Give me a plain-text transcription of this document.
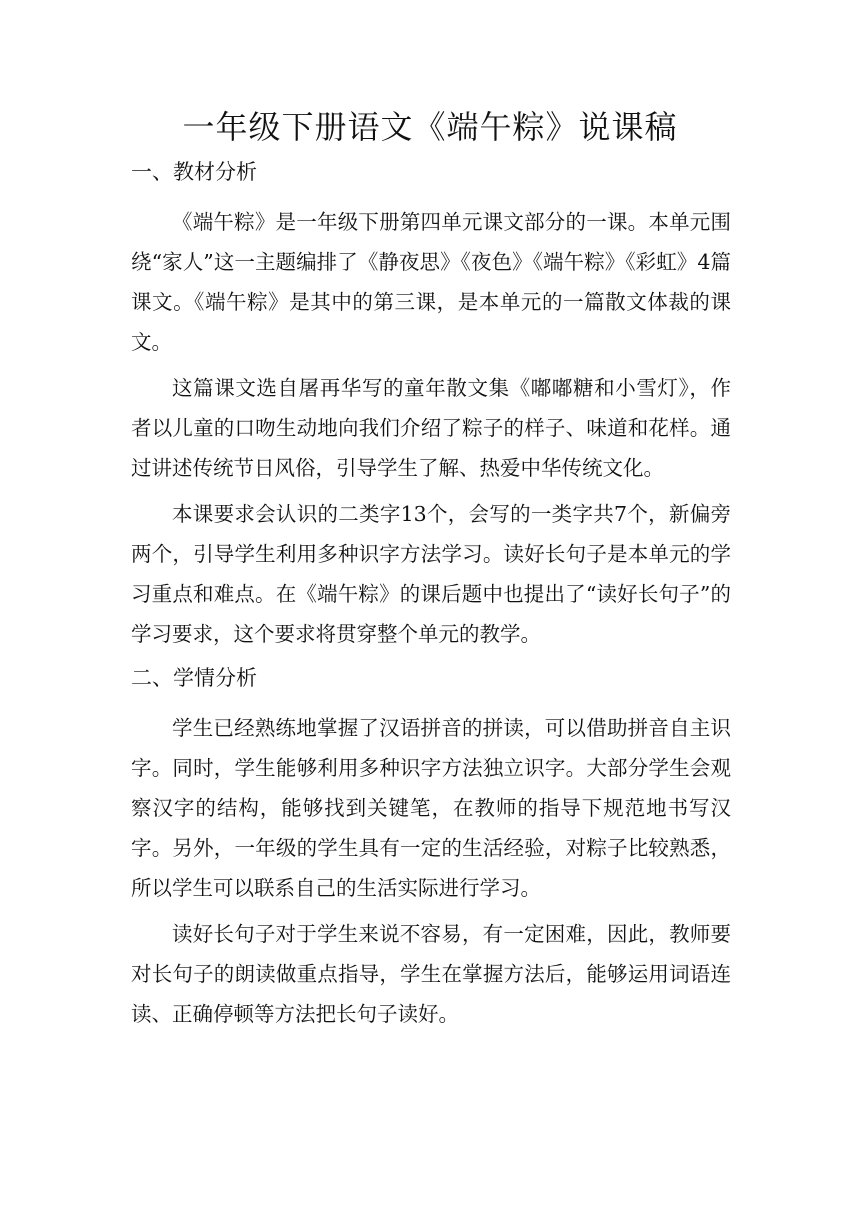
一年级下册语文《端午粽》说课稿

一、教材分析

《端午粽》是一年级下册第四单元课文部分的一课。本单元围绕“家人”这一主题编排了《静夜思》《夜色》《端午粽》《彩虹》4篇课文。《端午粽》是其中的第三课，是本单元的一篇散文体裁的课文。

这篇课文选自屠再华写的童年散文集《嘟嘟糖和小雪灯》，作者以儿童的口吻生动地向我们介绍了粽子的样子、味道和花样。通过讲述传统节日风俗，引导学生了解、热爱中华传统文化。

本课要求会认识的二类字13个，会写的一类字共7个，新偏旁两个，引导学生利用多种识字方法学习。读好长句子是本单元的学习重点和难点。在《端午粽》的课后题中也提出了“读好长句子”的学习要求，这个要求将贯穿整个单元的教学。

二、学情分析

学生已经熟练地掌握了汉语拼音的拼读，可以借助拼音自主识字。同时，学生能够利用多种识字方法独立识字。大部分学生会观察汉字的结构，能够找到关键笔，在教师的指导下规范地书写汉字。另外，一年级的学生具有一定的生活经验，对粽子比较熟悉，所以学生可以联系自己的生活实际进行学习。

读好长句子对于学生来说不容易，有一定困难，因此，教师要对长句子的朗读做重点指导，学生在掌握方法后，能够运用词语连读、正确停顿等方法把长句子读好。
